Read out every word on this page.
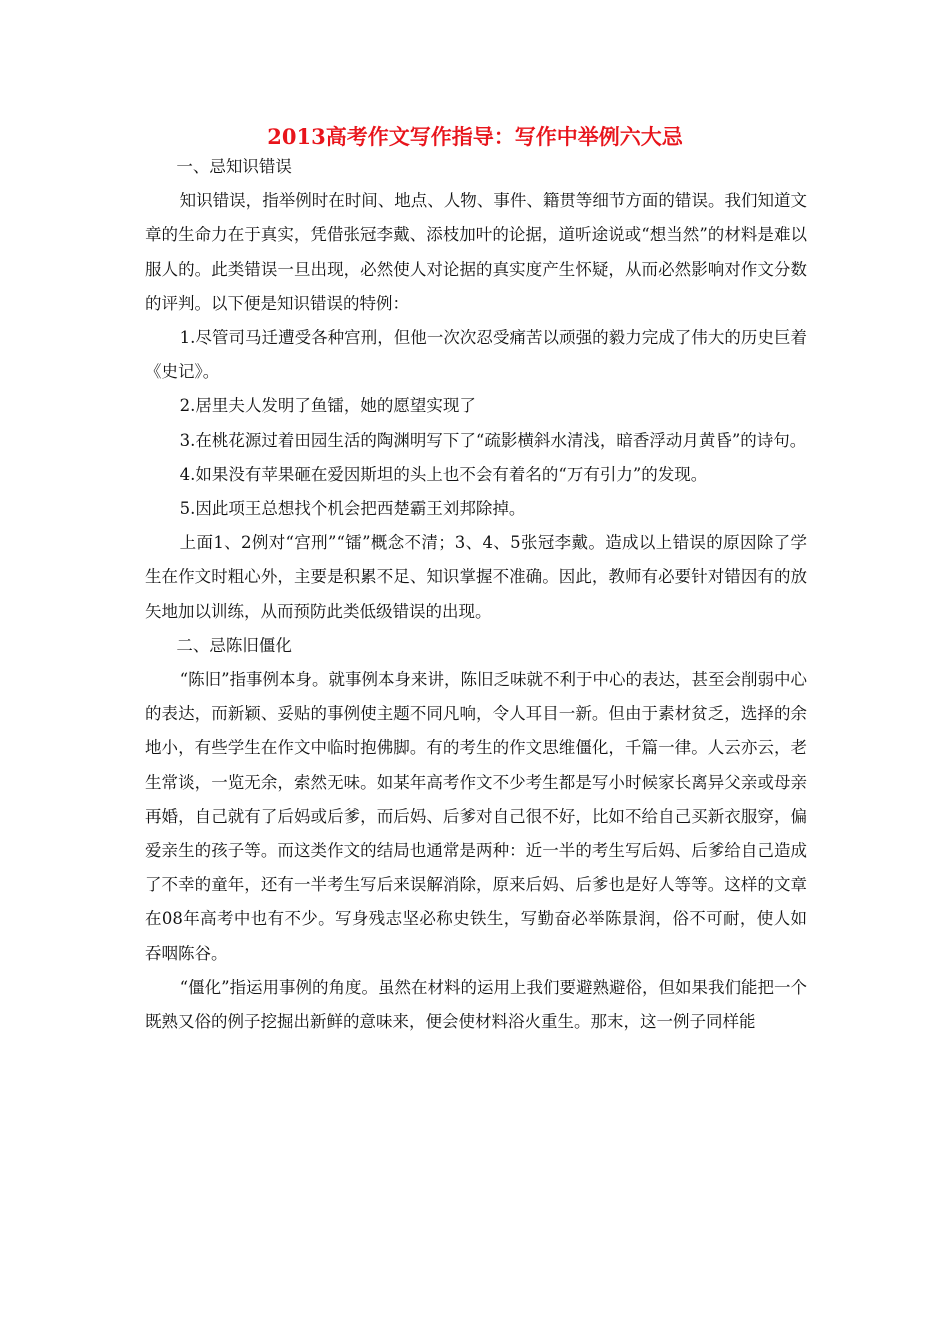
2013高考作文写作指导：写作中举例六大忌

一、忌知识错误

知识错误，指举例时在时间、地点、人物、事件、籍贯等细节方面的错误。我们知道文章的生命力在于真实，凭借张冠李戴、添枝加叶的论据，道听途说或“想当然”的材料是难以服人的。此类错误一旦出现，必然使人对论据的真实度产生怀疑，从而必然影响对作文分数的评判。以下便是知识错误的特例：

1.尽管司马迁遭受各种宫刑，但他一次次忍受痛苦以顽强的毅力完成了伟大的历史巨着《史记》。

2.居里夫人发明了鱼镭，她的愿望实现了

3.在桃花源过着田园生活的陶渊明写下了“疏影横斜水清浅，暗香浮动月黄昏”的诗句。

4.如果没有苹果砸在爱因斯坦的头上也不会有着名的“万有引力”的发现。

5.因此项王总想找个机会把西楚霸王刘邦除掉。

上面1、2例对“宫刑”“镭”概念不清；3、4、5张冠李戴。造成以上错误的原因除了学生在作文时粗心外，主要是积累不足、知识掌握不准确。因此，教师有必要针对错因有的放矢地加以训练，从而预防此类低级错误的出现。

二、忌陈旧僵化

“陈旧”指事例本身。就事例本身来讲，陈旧乏味就不利于中心的表达，甚至会削弱中心的表达，而新颖、妥贴的事例使主题不同凡响，令人耳目一新。但由于素材贫乏，选择的余地小，有些学生在作文中临时抱佛脚。有的考生的作文思维僵化，千篇一律。人云亦云，老生常谈，一览无余，索然无味。如某年高考作文不少考生都是写小时候家长离异父亲或母亲再婚，自己就有了后妈或后爹，而后妈、后爹对自己很不好，比如不给自己买新衣服穿，偏爱亲生的孩子等。而这类作文的结局也通常是两种：近一半的考生写后妈、后爹给自己造成了不幸的童年，还有一半考生写后来误解消除，原来后妈、后爹也是好人等等。这样的文章在08年高考中也有不少。写身残志坚必称史铁生，写勤奋必举陈景润，俗不可耐，使人如吞咽陈谷。

“僵化”指运用事例的角度。虽然在材料的运用上我们要避熟避俗，但如果我们能把一个既熟又俗的例子挖掘出新鲜的意味来，便会使材料浴火重生。那末，这一例子同样能
